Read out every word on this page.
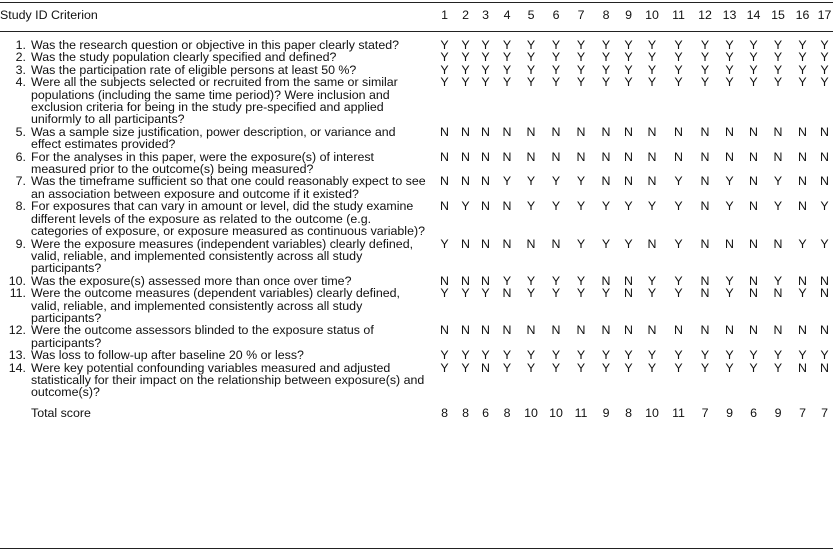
Study ID Criterion		1	2	3	4	5	6	7	8	9	10	11	12	13	14	15	16	17
1.	Was the research question or objective in this paper clearly stated?	Y	Y	Y	Y	Y	Y	Y	Y	Y	Y	Y	Y	Y	Y	Y	Y	Y
2.	Was the study population clearly specified and defined?	Y	Y	Y	Y	Y	Y	Y	Y	Y	Y	Y	Y	Y	Y	Y	Y	Y
3.	Was the participation rate of eligible persons at least 50 %?	Y	Y	Y	Y	Y	Y	Y	Y	Y	Y	Y	Y	Y	Y	Y	Y	Y
4.	Were all the subjects selected or recruited from the same or similar populations (including the same time period)? Were inclusion and exclusion criteria for being in the study pre-specified and applied uniformly to all participants?	Y	Y	Y	Y	Y	Y	Y	Y	Y	Y	Y	Y	Y	Y	Y	Y	Y
5.	Was a sample size justification, power description, or variance and effect estimates provided?	N	N	N	N	N	N	N	N	N	N	N	N	N	N	N	N	N
6.	For the analyses in this paper, were the exposure(s) of interest measured prior to the outcome(s) being measured?	N	N	N	N	N	N	N	N	N	N	N	N	N	N	N	N	N
7.	Was the timeframe sufficient so that one could reasonably expect to see an association between exposure and outcome if it existed?	N	N	N	Y	Y	Y	Y	N	N	N	Y	N	Y	N	Y	N	N
8.	For exposures that can vary in amount or level, did the study examine different levels of the exposure as related to the outcome (e.g. categories of exposure, or exposure measured as continuous variable)?	N	Y	N	N	Y	Y	Y	Y	Y	Y	Y	N	Y	N	Y	N	Y
9.	Were the exposure measures (independent variables) clearly defined, valid, reliable, and implemented consistently across all study participants?	Y	N	N	N	N	N	Y	Y	Y	N	Y	N	N	N	N	Y	Y
10.	Was the exposure(s) assessed more than once over time?	N	N	N	Y	Y	Y	Y	N	N	Y	Y	N	Y	N	Y	N	N
11.	Were the outcome measures (dependent variables) clearly defined, valid, reliable, and implemented consistently across all study participants?	Y	Y	Y	N	Y	Y	Y	Y	N	Y	Y	N	Y	N	N	Y	N
12.	Were the outcome assessors blinded to the exposure status of participants?	N	N	N	N	N	N	N	N	N	N	N	N	N	N	N	N	N
13.	Was loss to follow-up after baseline 20 % or less?	Y	Y	Y	Y	Y	Y	Y	Y	Y	Y	Y	Y	Y	Y	Y	Y	Y
14.	Were key potential confounding variables measured and adjusted statistically for their impact on the relationship between exposure(s) and outcome(s)?	Y	Y	N	Y	Y	Y	Y	Y	Y	Y	Y	Y	Y	Y	Y	N	N
	Total score	8	8	6	8	10	10	11	9	8	10	11	7	9	6	9	7	7
